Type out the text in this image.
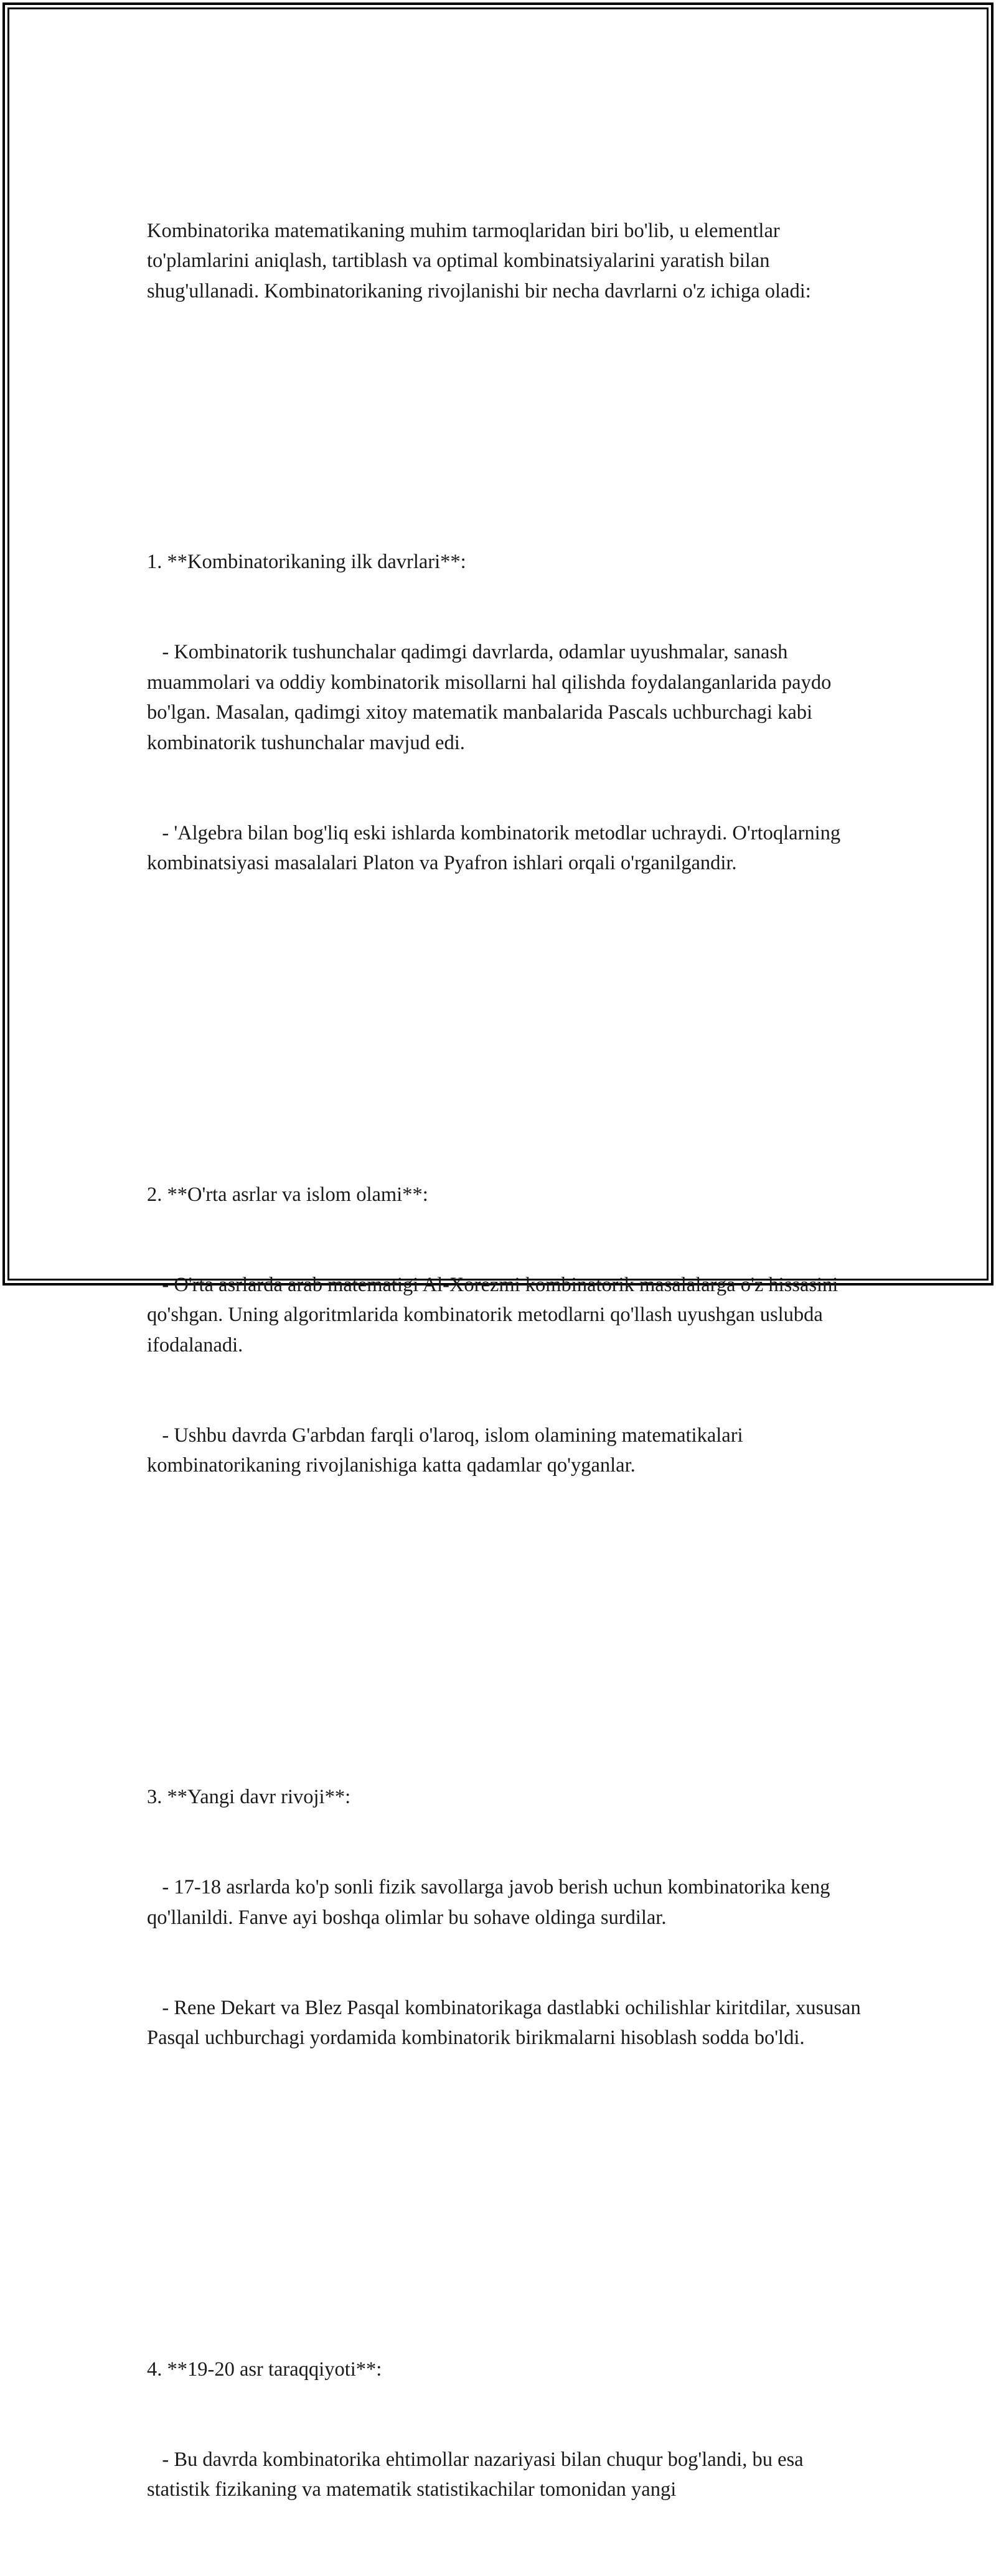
Kombinatorika matematikaning muhim tarmoqlaridan biri bo'lib, u elementlar to'plamlarini aniqlash, tartiblash va optimal kombinatsiyalarini yaratish bilan shug'ullanadi. Kombinatorikaning rivojlanishi bir necha davrlarni o'z ichiga oladi:

1. **Kombinatorikaning ilk davrlari**:

- Kombinatorik tushunchalar qadimgi davrlarda, odamlar uyushmalar, sanash muammolari va oddiy kombinatorik misollarni hal qilishda foydalanganlarida paydo bo'lgan. Masalan, qadimgi xitoy matematik manbalarida Pascals uchburchagi kabi kombinatorik tushunchalar mavjud edi.

- 'Algebra bilan bog'liq eski ishlarda kombinatorik metodlar uchraydi. O'rtoqlarning kombinatsiyasi masalalari Platon va Pyafron ishlari orqali o'rganilgandir.

2. **O'rta asrlar va islom olami**:

- O'rta asrlarda arab matematigi Al-Xorezmi kombinatorik masalalarga o'z hissasini qo'shgan. Uning algoritmlarida kombinatorik metodlarni qo'llash uyushgan uslubda ifodalanadi.

- Ushbu davrda G'arbdan farqli o'laroq, islom olamining matematikalari kombinatorikaning rivojlanishiga katta qadamlar qo'yganlar.

3. **Yangi davr rivoji**:

- 17-18 asrlarda ko'p sonli fizik savollarga javob berish uchun kombinatorika keng qo'llanildi. Fanve ayi boshqa olimlar bu sohave oldinga surdilar.

- Rene Dekart va Blez Pasqal kombinatorikaga dastlabki ochilishlar kiritdilar, xususan Pasqal uchburchagi yordamida kombinatorik birikmalarni hisoblash sodda bo'ldi.

4. **19-20 asr taraqqiyoti**:

- Bu davrda kombinatorika ehtimollar nazariyasi bilan chuqur bog'landi, bu esa statistik fizikaning va matematik statistikachilar tomonidan yangi
